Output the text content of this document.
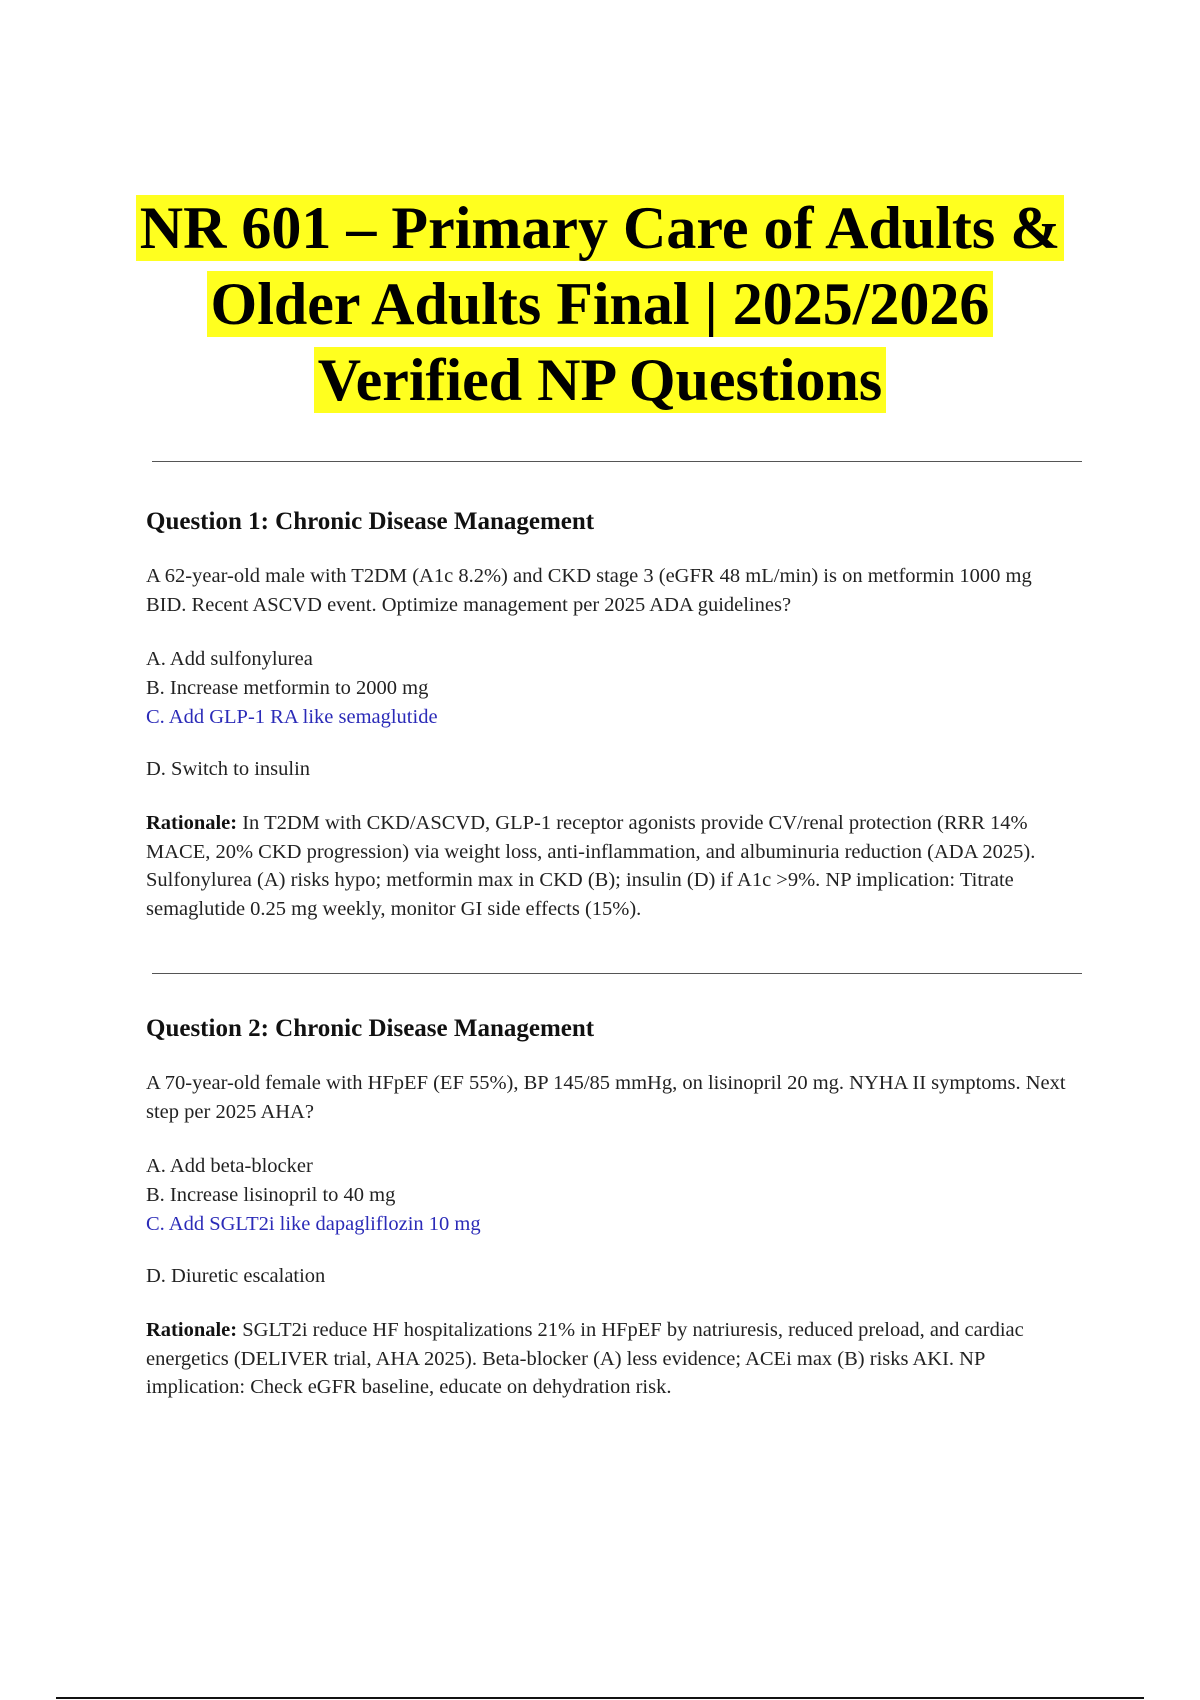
NR 601 – Primary Care of Adults &
Older Adults Final | 2025/2026
Verified NP Questions
Question 1: Chronic Disease Management

A 62-year-old male with T2DM (A1c 8.2%) and CKD stage 3 (eGFR 48 mL/min) is on metformin 1000 mg BID. Recent ASCVD event. Optimize management per 2025 ADA guidelines?

A. Add sulfonylurea
B. Increase metformin to 2000 mg
C. Add GLP-1 RA like semaglutide

D. Switch to insulin

Rationale: In T2DM with CKD/ASCVD, GLP-1 receptor agonists provide CV/renal protection (RRR 14% MACE, 20% CKD progression) via weight loss, anti-inflammation, and albuminuria reduction (ADA 2025). Sulfonylurea (A) risks hypo; metformin max in CKD (B); insulin (D) if A1c >9%. NP implication: Titrate semaglutide 0.25 mg weekly, monitor GI side effects (15%).

Question 2: Chronic Disease Management

A 70-year-old female with HFpEF (EF 55%), BP 145/85 mmHg, on lisinopril 20 mg. NYHA II symptoms. Next step per 2025 AHA?

A. Add beta-blocker
B. Increase lisinopril to 40 mg
C. Add SGLT2i like dapagliflozin 10 mg

D. Diuretic escalation

Rationale: SGLT2i reduce HF hospitalizations 21% in HFpEF by natriuresis, reduced preload, and cardiac energetics (DELIVER trial, AHA 2025). Beta-blocker (A) less evidence; ACEi max (B) risks AKI. NP implication: Check eGFR baseline, educate on dehydration risk.
